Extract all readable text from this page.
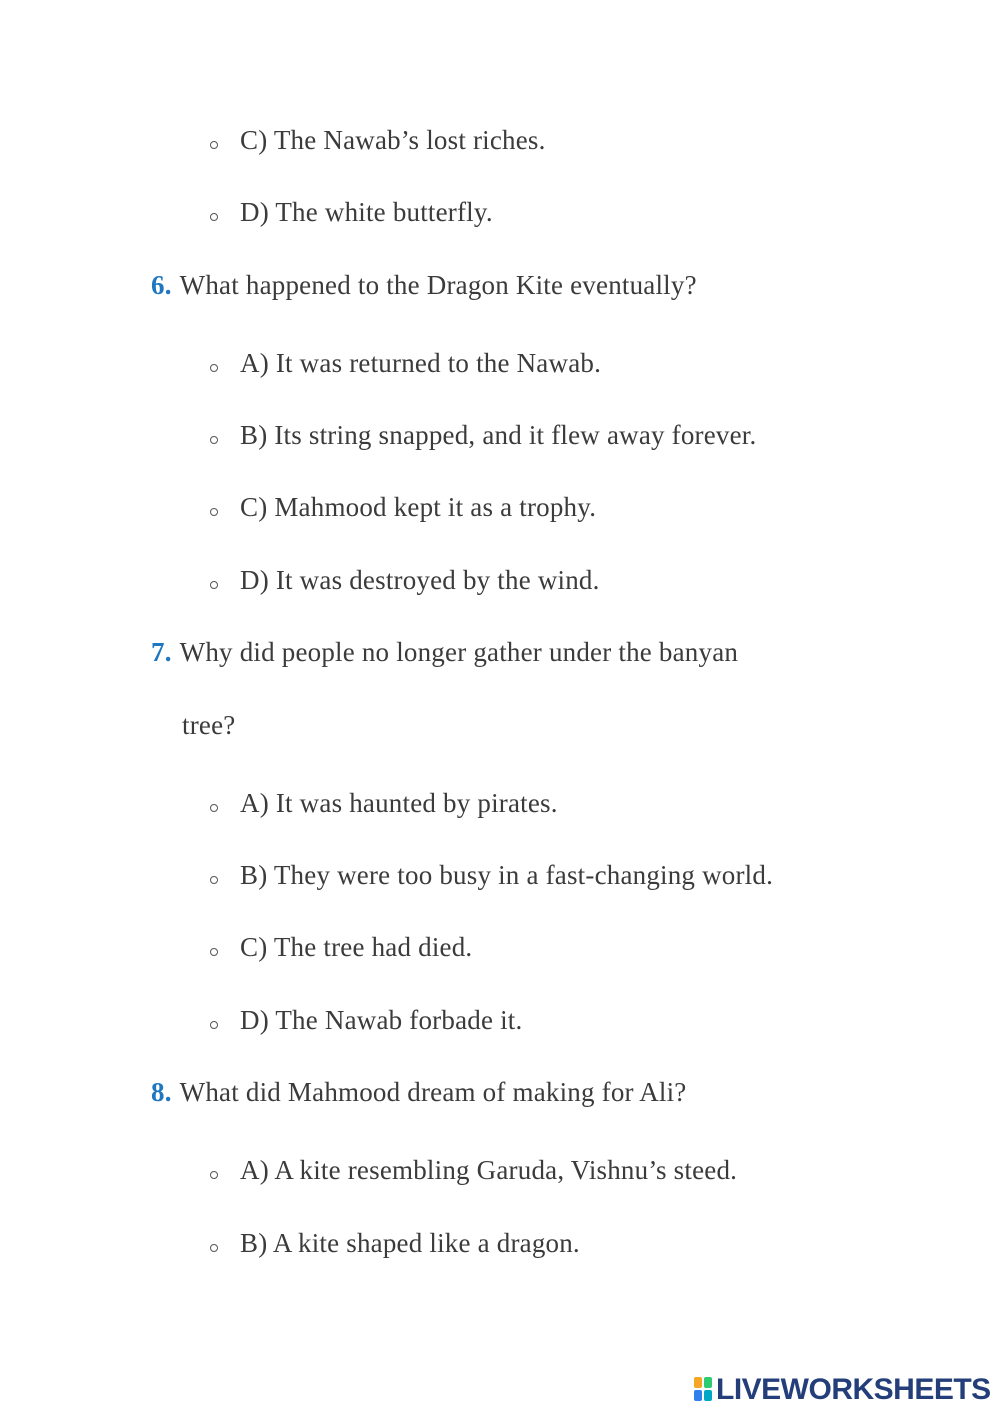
C) The Nawab’s lost riches.
D) The white butterfly.
6. What happened to the Dragon Kite eventually?
A) It was returned to the Nawab.
B) Its string snapped, and it flew away forever.
C) Mahmood kept it as a trophy.
D) It was destroyed by the wind.
7. Why did people no longer gather under the banyan
tree?
A) It was haunted by pirates.
B) They were too busy in a fast-changing world.
C) The tree had died.
D) The Nawab forbade it.
8. What did Mahmood dream of making for Ali?
A) A kite resembling Garuda, Vishnu’s steed.
B) A kite shaped like a dragon.
LIVEWORKSHEETS
